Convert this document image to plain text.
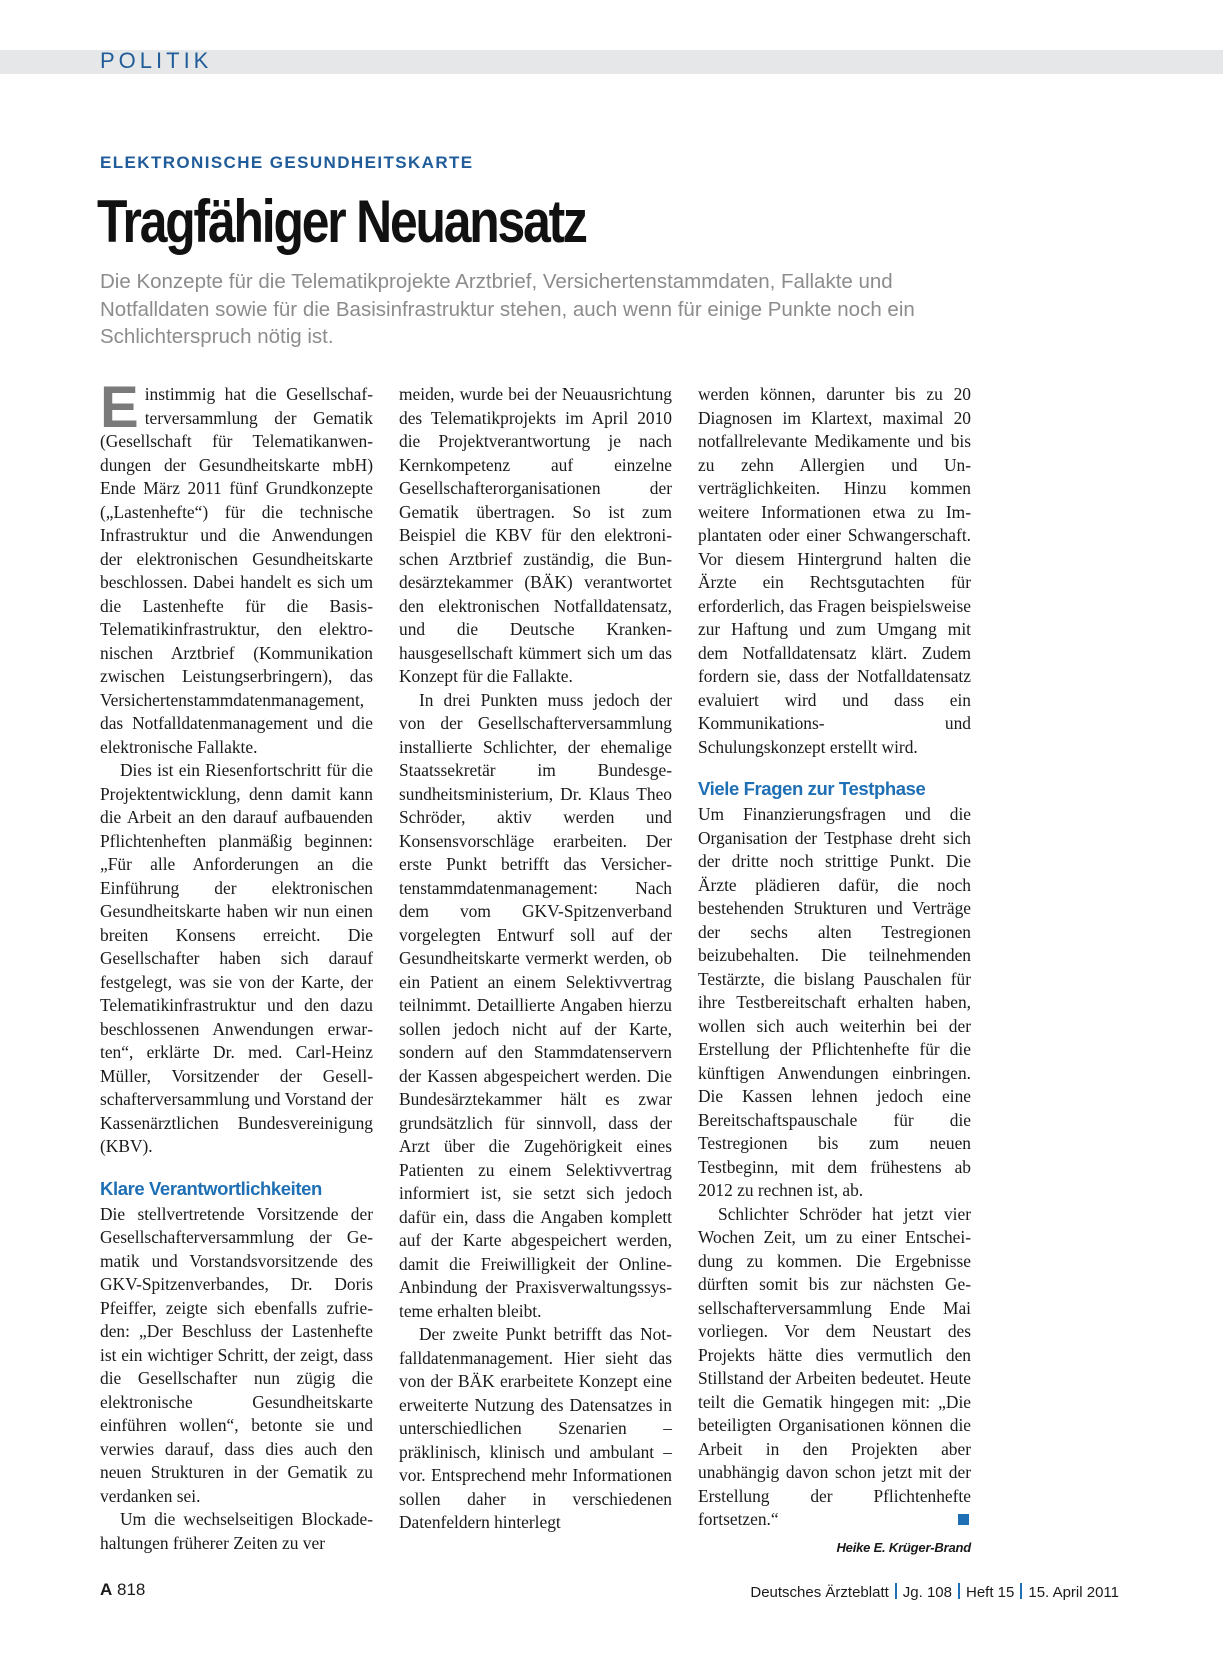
POLITIK
ELEKTRONISCHE GESUNDHEITSKARTE
Tragfähiger Neuansatz

Die Konzepte für die Telematikprojekte Arztbrief, Versichertenstammdaten, Fallakte und Notfalldaten sowie für die Basisinfrastruktur stehen, auch wenn für einige Punkte noch ein Schlichterspruch nötig ist.

Einstimmig hat die Gesellschafterversammlung der Gematik (Gesellschaft für Telematikanwendungen der Gesundheitskarte mbH) Ende März 2011 fünf Grundkonzepte („Lastenhefte“) für die technische Infrastruktur und die Anwendungen der elektronischen Gesundheitskarte beschlossen. Dabei handelt es sich um die Lastenhefte für die BasisTelematikinfrastruktur, den elektronischen Arztbrief (Kommunikation zwischen Leistungserbringern), das Versichertenstammdatenmanagement, das Notfalldatenmanagement und die elektronische Fallakte.

Dies ist ein Riesenfortschritt für die Projektentwicklung, denn damit kann die Arbeit an den darauf aufbauenden Pflichtenheften planmäßig beginnen: „Für alle Anforderungen an die Einführung der elektronischen Gesundheitskarte haben wir nun einen breiten Konsens erreicht. Die Gesellschafter haben sich darauf festgelegt, was sie von der Karte, der Telematikinfrastruktur und den dazu beschlossenen Anwendungen erwarten“, erklärte Dr. med. Carl-Heinz Müller, Vorsitzender der Gesellschafterversammlung und Vorstand der Kassenärztlichen Bundesvereinigung (KBV).

Klare Verantwortlichkeiten

Die stellvertretende Vorsitzende der Gesellschafterversammlung der Gematik und Vorstandsvorsitzende des GKV-Spitzenverbandes, Dr. Doris Pfeiffer, zeigte sich ebenfalls zufrieden: „Der Beschluss der Lastenhefte ist ein wichtiger Schritt, der zeigt, dass die Gesellschafter nun zügig die elektronische Gesundheitskarte einführen wollen“, betonte sie und verwies darauf, dass dies auch den neuen Strukturen in der Gematik zu verdanken sei.

Um die wechselseitigen Blockadehaltungen früherer Zeiten zu ver

meiden, wurde bei der Neuausrichtung des Telematikprojekts im April 2010 die Projektverantwortung je nach Kernkompetenz auf einzelne Gesellschafterorganisationen der Gematik übertragen. So ist zum Beispiel die KBV für den elektronischen Arztbrief zuständig, die Bundesärztekammer (BÄK) verantwortet den elektronischen Notfalldatensatz, und die Deutsche Krankenhausgesellschaft kümmert sich um das Konzept für die Fallakte.

In drei Punkten muss jedoch der von der Gesellschafterversammlung installierte Schlichter, der ehemalige Staatssekretär im Bundesgesundheitsministerium, Dr. Klaus Theo Schröder, aktiv werden und Konsensvorschläge erarbeiten. Der erste Punkt betrifft das Versichertenstammdatenmanagement: Nach dem vom GKV-Spitzenverband vorgelegten Entwurf soll auf der Gesundheitskarte vermerkt werden, ob ein Patient an einem Selektivvertrag teilnimmt. Detaillierte Angaben hierzu sollen jedoch nicht auf der Karte, sondern auf den Stammdatenservern der Kassen abgespeichert werden. Die Bundesärztekammer hält es zwar grundsätzlich für sinnvoll, dass der Arzt über die Zugehörigkeit eines Patienten zu einem Selektivvertrag informiert ist, sie setzt sich jedoch dafür ein, dass die Angaben komplett auf der Karte abgespeichert werden, damit die Freiwilligkeit der Online-Anbindung der Praxisverwaltungssysteme erhalten bleibt.

Der zweite Punkt betrifft das Notfalldatenmanagement. Hier sieht das von der BÄK erarbeitete Konzept eine erweiterte Nutzung des Datensatzes in unterschiedlichen Szenarien – präklinisch, klinisch und ambulant – vor. Entsprechend mehr Informationen sollen daher in verschiedenen Datenfeldern hinterlegt

werden können, darunter bis zu 20 Diagnosen im Klartext, maximal 20 notfallrelevante Medikamente und bis zu zehn Allergien und Unverträglichkeiten. Hinzu kommen weitere Informationen etwa zu Implantaten oder einer Schwangerschaft. Vor diesem Hintergrund halten die Ärzte ein Rechtsgutachten für erforderlich, das Fragen beispielsweise zur Haftung und zum Umgang mit dem Notfalldatensatz klärt. Zudem fordern sie, dass der Notfalldatensatz evaluiert wird und dass ein Kommunikations- und Schulungskonzept erstellt wird.

Viele Fragen zur Testphase

Um Finanzierungsfragen und die Organisation der Testphase dreht sich der dritte noch strittige Punkt. Die Ärzte plädieren dafür, die noch bestehenden Strukturen und Verträge der sechs alten Testregionen beizubehalten. Die teilnehmenden Testärzte, die bislang Pauschalen für ihre Testbereitschaft erhalten haben, wollen sich auch weiterhin bei der Erstellung der Pflichtenhefte für die künftigen Anwendungen einbringen. Die Kassen lehnen jedoch eine Bereitschaftspauschale für die Testregionen bis zum neuen Testbeginn, mit dem frühestens ab 2012 zu rechnen ist, ab.

Schlichter Schröder hat jetzt vier Wochen Zeit, um zu einer Entscheidung zu kommen. Die Ergebnisse dürften somit bis zur nächsten Gesellschafterversammlung Ende Mai vorliegen. Vor dem Neustart des Projekts hätte dies vermutlich den Stillstand der Arbeiten bedeutet. Heute teilt die Gematik hingegen mit: „Die beteiligten Organisationen können die Arbeit in den Projekten aber unabhängig davon schon jetzt mit der Erstellung der Pflichtenhefte fortsetzen.“

Heike E. Krüger-Brand
A 818	Deutsches Ärzteblatt Jg. 108 Heft 15 15. April 2011
